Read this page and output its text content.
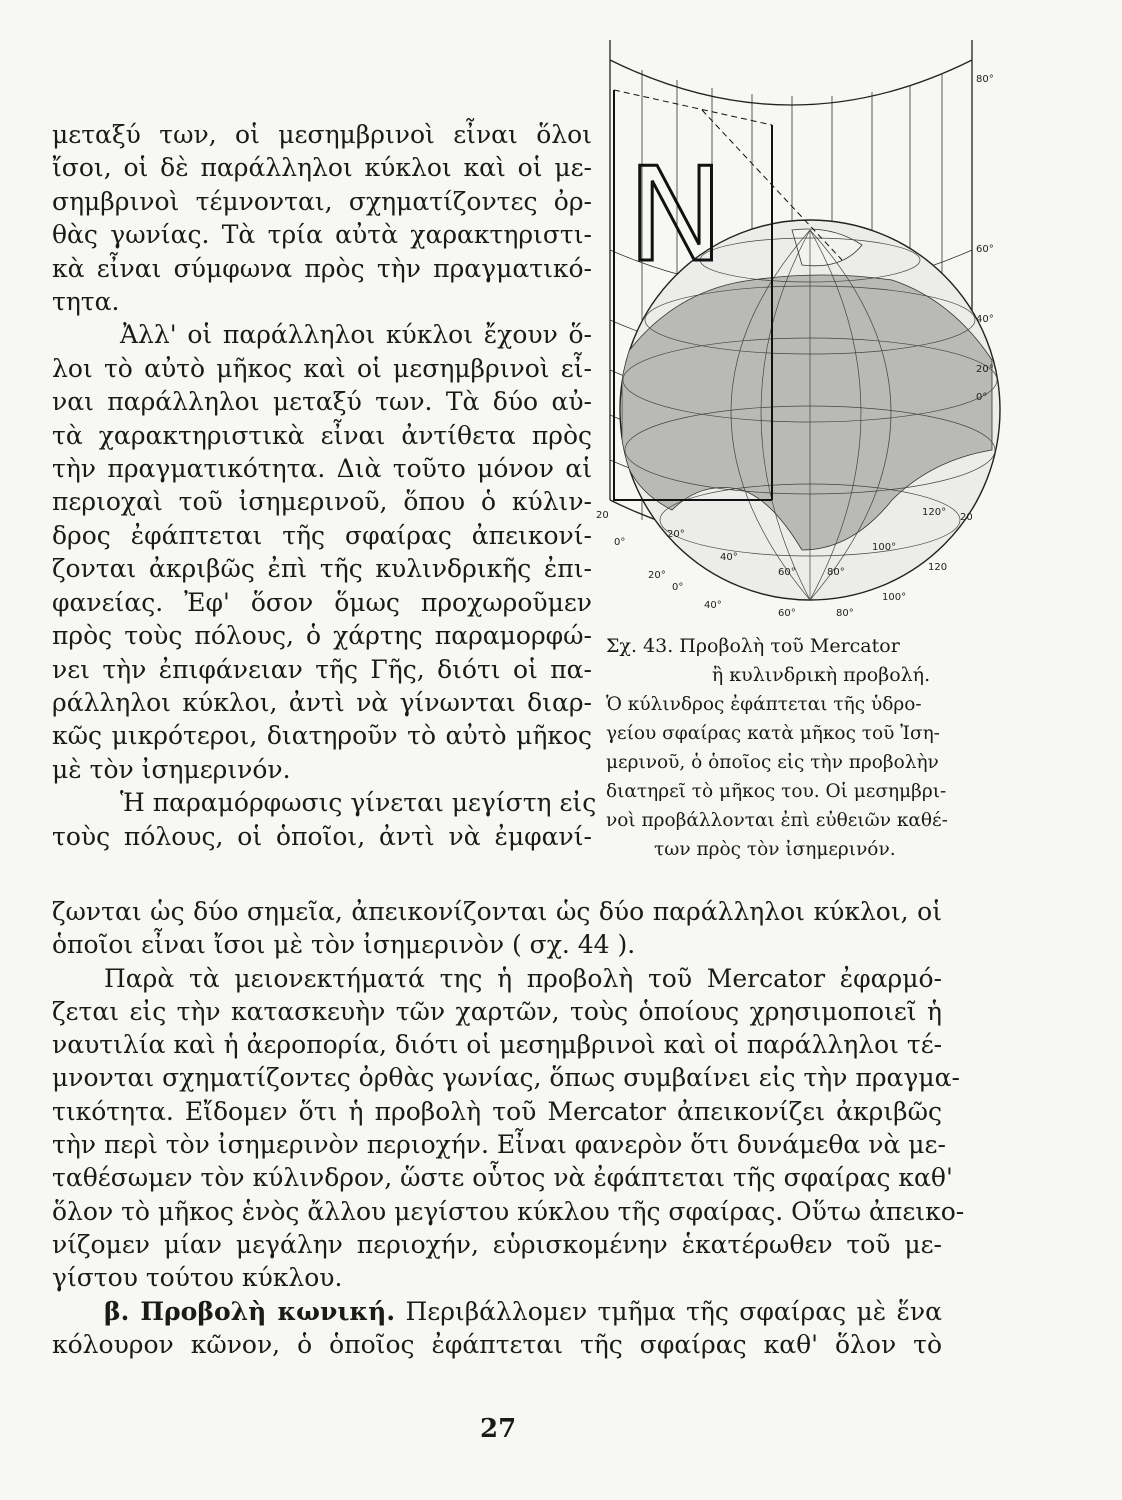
μεταξύ των, οἱ μεσημβρινοὶ εἶναι ὅλοι
ἴσοι, οἱ δὲ παράλληλοι κύκλοι καὶ οἱ με-
σημβρινοὶ τέμνονται, σχηματίζοντες ὀρ-
θὰς γωνίας. Τὰ τρία αὐτὰ χαρακτηριστι-
κὰ εἶναι σύμφωνα πρὸς τὴν πραγματικό-
τητα.

Ἀλλ' οἱ παράλληλοι κύκλοι ἔχουν ὅ-
λοι τὸ αὐτὸ μῆκος καὶ οἱ μεσημβρινοὶ εἶ-
ναι παράλληλοι μεταξύ των. Τὰ δύο αὐ-
τὰ χαρακτηριστικὰ εἶναι ἀντίθετα πρὸς
τὴν πραγματικότητα. Διὰ τοῦτο μόνον αἱ
περιοχαὶ τοῦ ἰσημερινοῦ, ὅπου ὁ κύλιν-
δρος ἐφάπτεται τῆς σφαίρας ἀπεικονί-
ζονται ἀκριβῶς ἐπὶ τῆς κυλινδρικῆς ἐπι-
φανείας. Ἐφ' ὅσον ὅμως προχωροῦμεν
πρὸς τοὺς πόλους, ὁ χάρτης παραμορφώ-
νει τὴν ἐπιφάνειαν τῆς Γῆς, διότι οἱ πα-
ράλληλοι κύκλοι, ἀντὶ νὰ γίνωνται διαρ-
κῶς μικρότεροι, διατηροῦν τὸ αὐτὸ μῆκος
μὲ τὸν ἰσημερινόν.

Ἡ παραμόρφωσις γίνεται μεγίστη εἰς
τοὺς πόλους, οἱ ὁποῖοι, ἀντὶ νὰ ἐμφανί-

N
80°
60°
40°
20°
0°
20
0°
20°
40°
60°	80°
100°
120°
40°
60°	80°
100°
120
20
0°
20°
Σχ. 43. Προβολὴ τοῦ Mercator
ἢ κυλινδρικὴ προβολή.
Ὁ κύλινδρος ἐφάπτεται τῆς ὑδρο-
γείου σφαίρας κατὰ μῆκος τοῦ Ἰση-
μερινοῦ, ὁ ὁποῖος εἰς τὴν προβολὴν
διατηρεῖ τὸ μῆκος του. Οἱ μεσημβρι-
νοὶ προβάλλονται ἐπὶ εὐθειῶν καθέ-
των πρὸς τὸν ἰσημερινόν.
ζωνται ὡς δύο σημεῖα, ἀπεικονίζονται ὡς δύο παράλληλοι κύκλοι, οἱ
ὁποῖοι εἶναι ἴσοι μὲ τὸν ἰσημερινὸν ( σχ. 44 ).
Παρὰ τὰ μειονεκτήματά της ἡ προβολὴ τοῦ Mercator ἐφαρμό-
ζεται εἰς τὴν κατασκευὴν τῶν χαρτῶν, τοὺς ὁποίους χρησιμοποιεῖ ἡ
ναυτιλία καὶ ἡ ἀεροπορία, διότι οἱ μεσημβρινοὶ καὶ οἱ παράλληλοι τέ-
μνονται σχηματίζοντες ὀρθὰς γωνίας, ὅπως συμβαίνει εἰς τὴν πραγμα-
τικότητα. Εἴδομεν ὅτι ἡ προβολὴ τοῦ Mercator ἀπεικονίζει ἀκριβῶς
τὴν περὶ τὸν ἰσημερινὸν περιοχήν. Εἶναι φανερὸν ὅτι δυνάμεθα νὰ με-
ταθέσωμεν τὸν κύλινδρον, ὥστε οὗτος νὰ ἐφάπτεται τῆς σφαίρας καθ'
ὅλον τὸ μῆκος ἑνὸς ἄλλου μεγίστου κύκλου τῆς σφαίρας. Οὕτω ἀπεικο-
νίζομεν μίαν μεγάλην περιοχήν, εὑρισκομένην ἑκατέρωθεν τοῦ με-
γίστου τούτου κύκλου.
β. Προβολὴ κωνική. Περιβάλλομεν τμῆμα τῆς σφαίρας μὲ ἕνα
κόλουρον κῶνον, ὁ ὁποῖος ἐφάπτεται τῆς σφαίρας καθ' ὅλον τὸ
27
